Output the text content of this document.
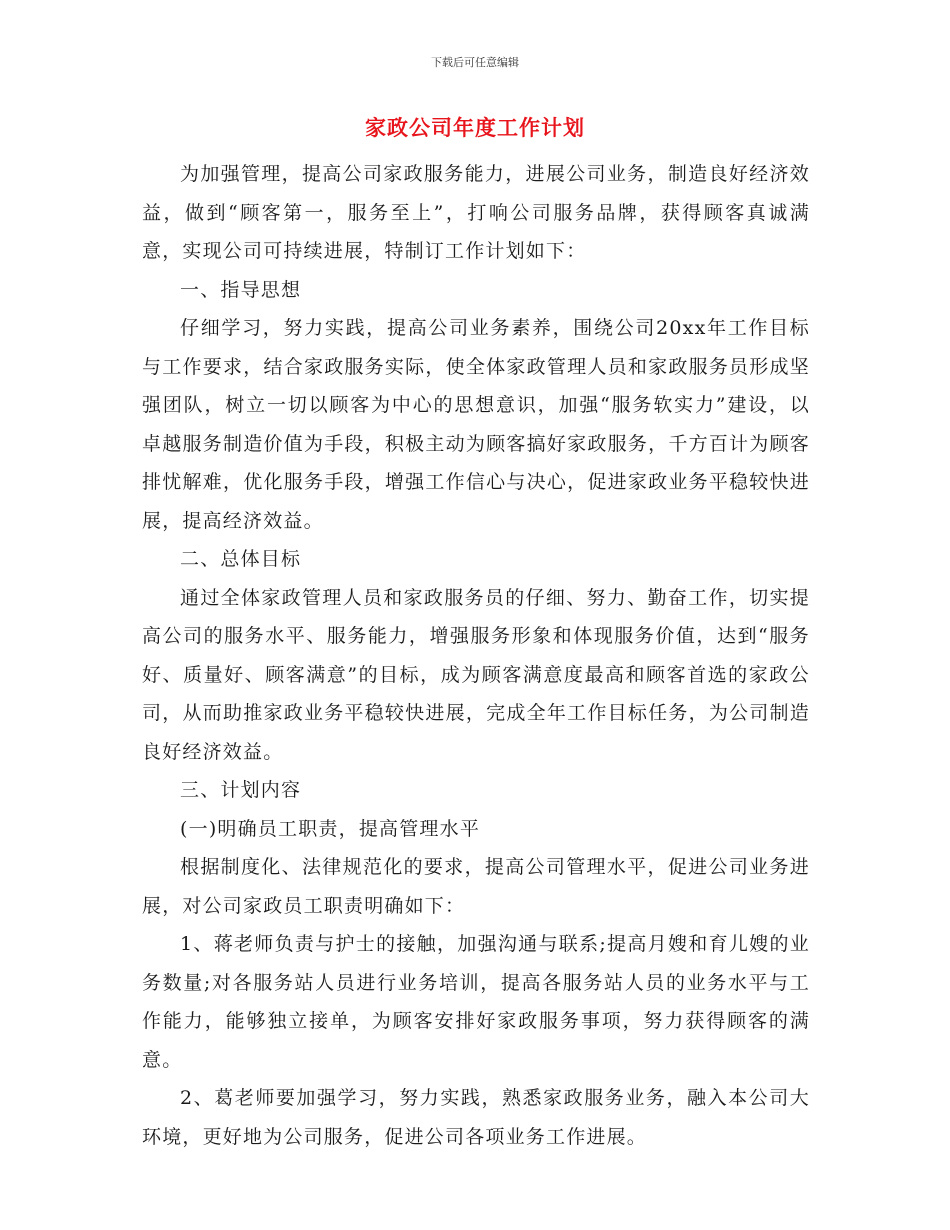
下载后可任意编辑
家政公司年度工作计划

为加强管理，提高公司家政服务能力，进展公司业务，制造良好经济效益，做到“顾客第一，服务至上”，打响公司服务品牌，获得顾客真诚满意，实现公司可持续进展，特制订工作计划如下：

一、指导思想

仔细学习，努力实践，提高公司业务素养，围绕公司20xx年工作目标与工作要求，结合家政服务实际，使全体家政管理人员和家政服务员形成坚强团队，树立一切以顾客为中心的思想意识，加强“服务软实力”建设，以卓越服务制造价值为手段，积极主动为顾客搞好家政服务，千方百计为顾客排忧解难，优化服务手段，增强工作信心与决心，促进家政业务平稳较快进展，提高经济效益。

二、总体目标

通过全体家政管理人员和家政服务员的仔细、努力、勤奋工作，切实提高公司的服务水平、服务能力，增强服务形象和体现服务价值，达到“服务好、质量好、顾客满意”的目标，成为顾客满意度最高和顾客首选的家政公司，从而助推家政业务平稳较快进展，完成全年工作目标任务，为公司制造良好经济效益。

三、计划内容

(一)明确员工职责，提高管理水平

根据制度化、法律规范化的要求，提高公司管理水平，促进公司业务进展，对公司家政员工职责明确如下：

1、蒋老师负责与护士的接触，加强沟通与联系;提高月嫂和育儿嫂的业务数量;对各服务站人员进行业务培训，提高各服务站人员的业务水平与工作能力，能够独立接单，为顾客安排好家政服务事项，努力获得顾客的满意。

2、葛老师要加强学习，努力实践，熟悉家政服务业务，融入本公司大环境，更好地为公司服务，促进公司各项业务工作进展。
